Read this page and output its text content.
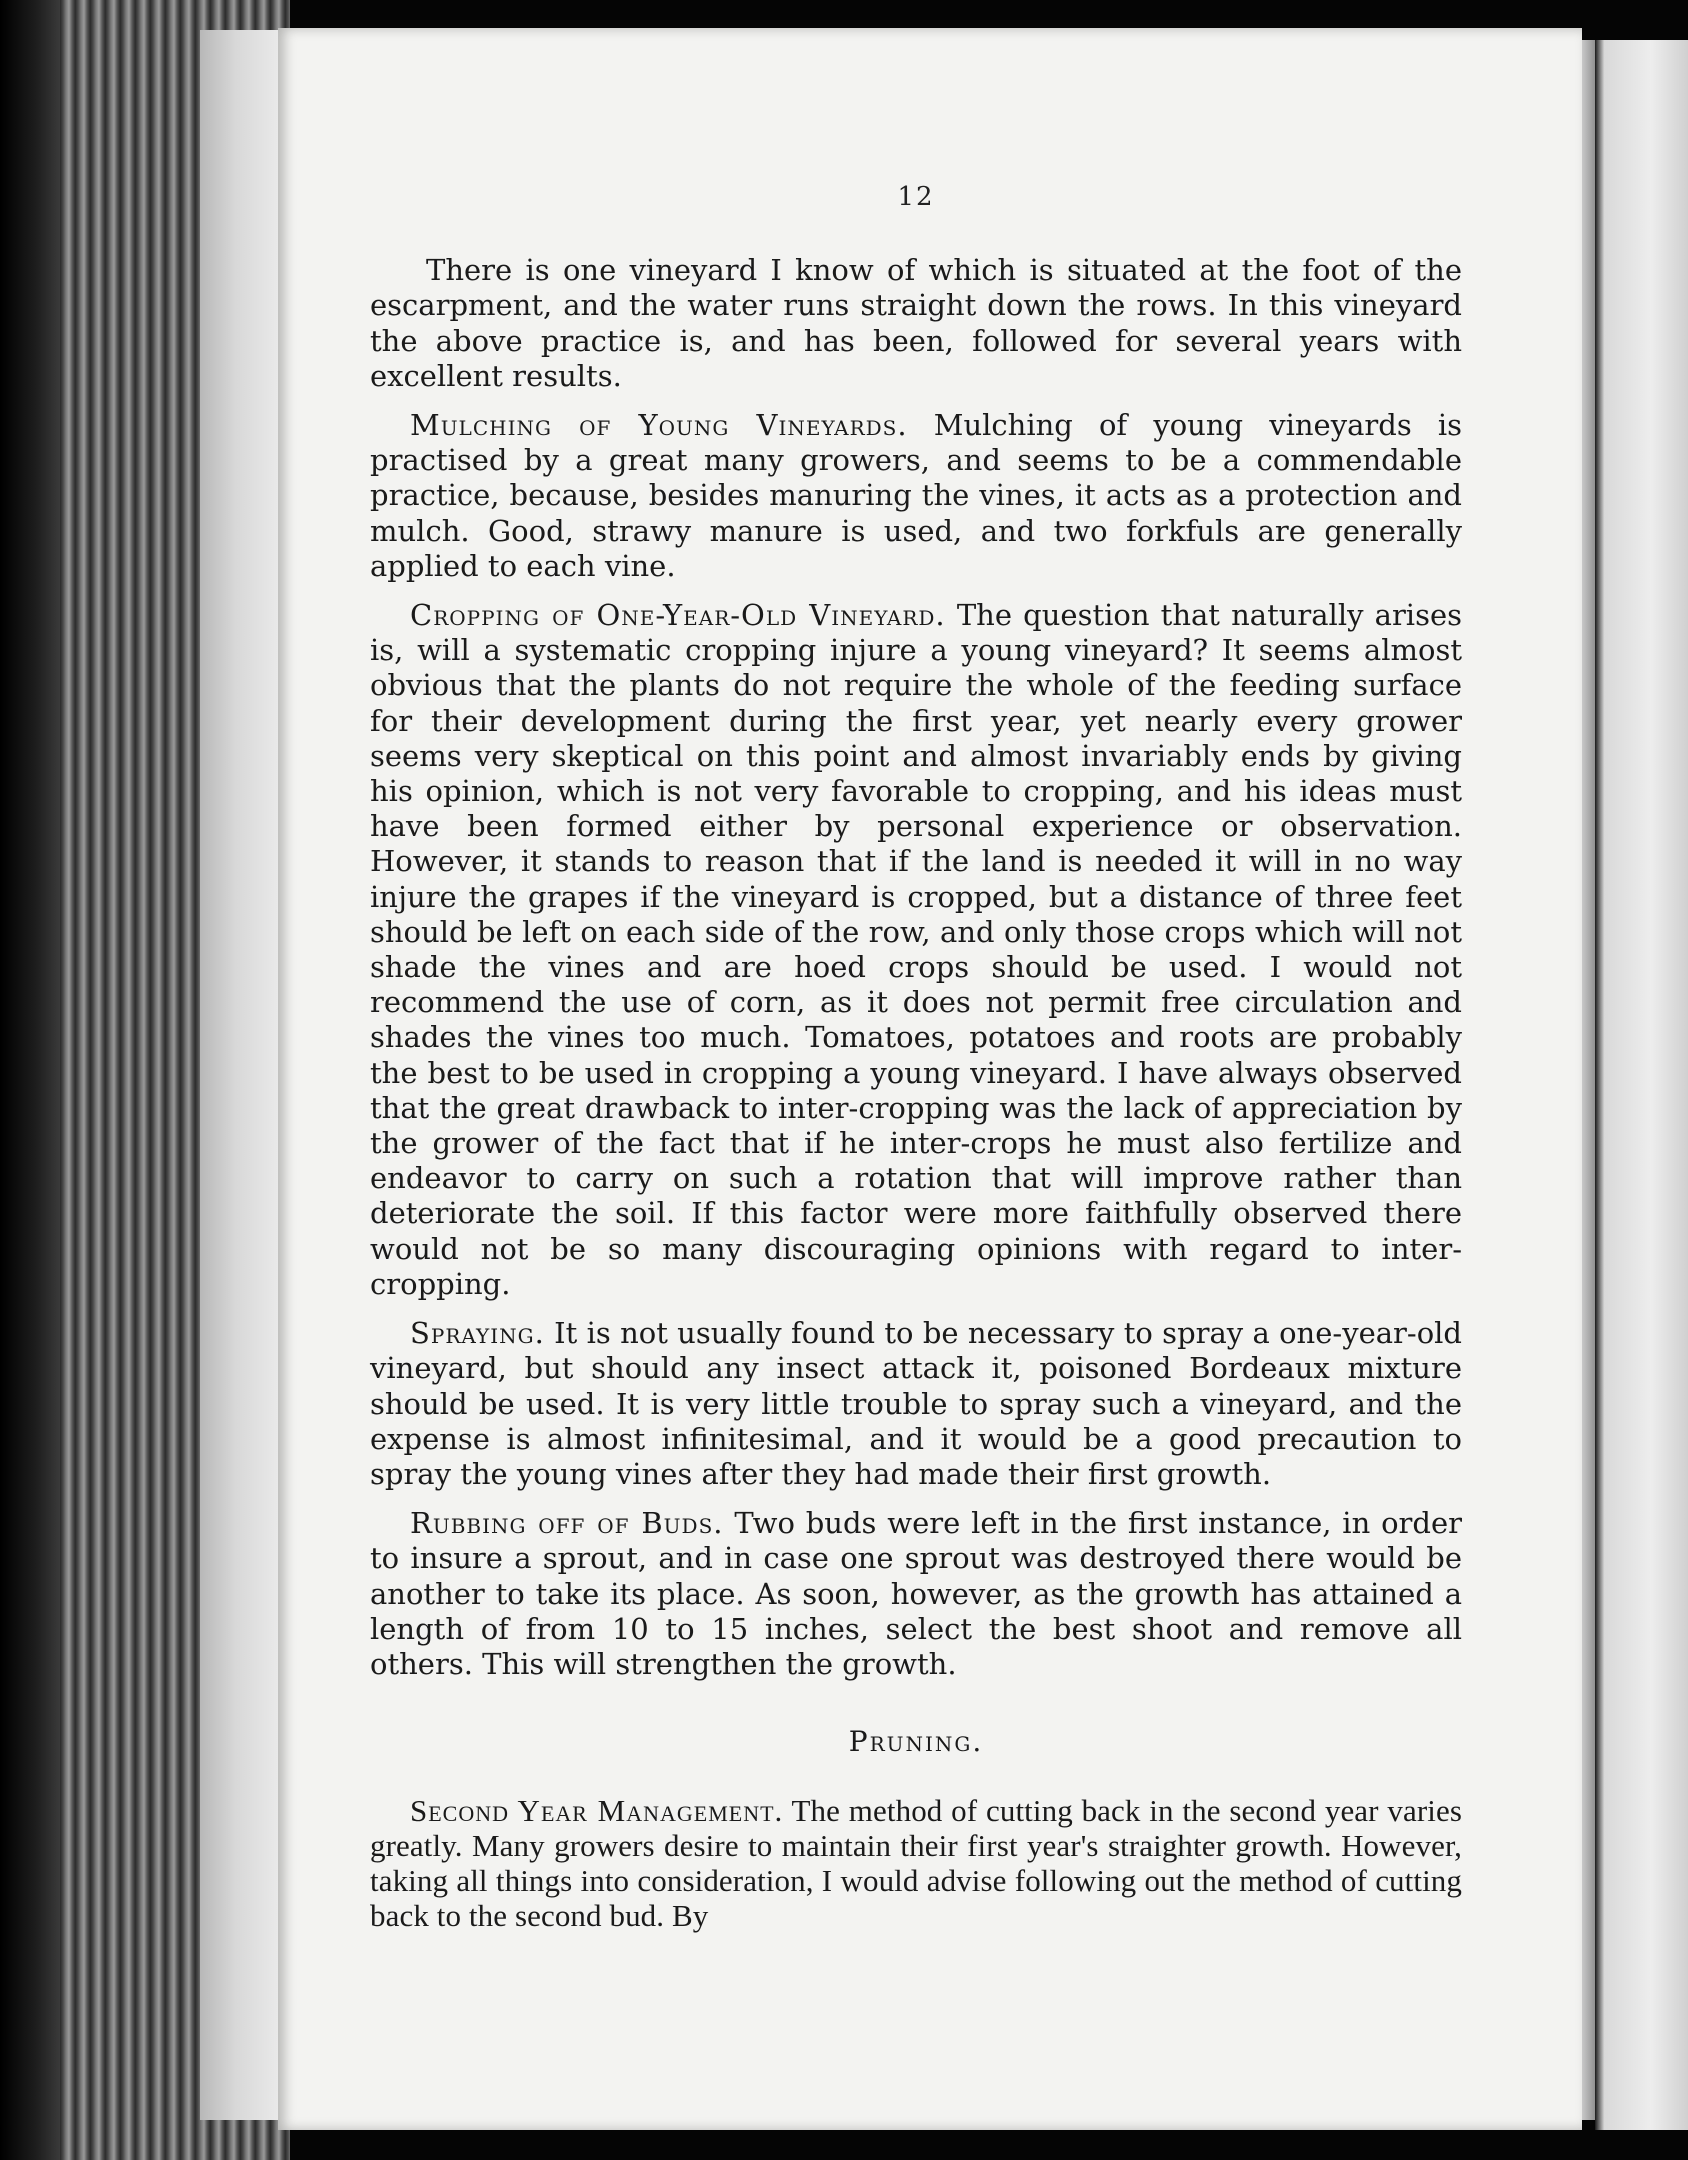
12

There is one vineyard I know of which is situated at the foot of the escarpment, and the water runs straight down the rows. In this vineyard the above practice is, and has been, followed for several years with excellent results.

Mulching of Young Vineyards. Mulching of young vineyards is practised by a great many growers, and seems to be a commendable practice, because, besides manuring the vines, it acts as a protection and mulch. Good, strawy manure is used, and two forkfuls are generally applied to each vine.

Cropping of One-Year-Old Vineyard. The question that naturally arises is, will a systematic cropping injure a young vineyard? It seems almost obvious that the plants do not require the whole of the feeding surface for their development during the first year, yet nearly every grower seems very skeptical on this point and almost invariably ends by giving his opinion, which is not very favorable to cropping, and his ideas must have been formed either by personal experience or observation. However, it stands to reason that if the land is needed it will in no way injure the grapes if the vineyard is cropped, but a distance of three feet should be left on each side of the row, and only those crops which will not shade the vines and are hoed crops should be used. I would not recommend the use of corn, as it does not permit free circulation and shades the vines too much. Tomatoes, potatoes and roots are probably the best to be used in cropping a young vineyard. I have always observed that the great drawback to inter-cropping was the lack of appreciation by the grower of the fact that if he inter-crops he must also fertilize and endeavor to carry on such a rotation that will improve rather than deteriorate the soil. If this factor were more faithfully observed there would not be so many discouraging opinions with regard to inter-cropping.

Spraying. It is not usually found to be necessary to spray a one-year-old vineyard, but should any insect attack it, poisoned Bordeaux mixture should be used. It is very little trouble to spray such a vineyard, and the expense is almost infinitesimal, and it would be a good precaution to spray the young vines after they had made their first growth.

Rubbing off of Buds. Two buds were left in the first instance, in order to insure a sprout, and in case one sprout was destroyed there would be another to take its place. As soon, however, as the growth has attained a length of from 10 to 15 inches, select the best shoot and remove all others. This will strengthen the growth.

Pruning.

Second Year Management. The method of cutting back in the second year varies greatly. Many growers desire to maintain their first year's straighter growth. However, taking all things into consideration, I would advise following out the method of cutting back to the second bud. By
